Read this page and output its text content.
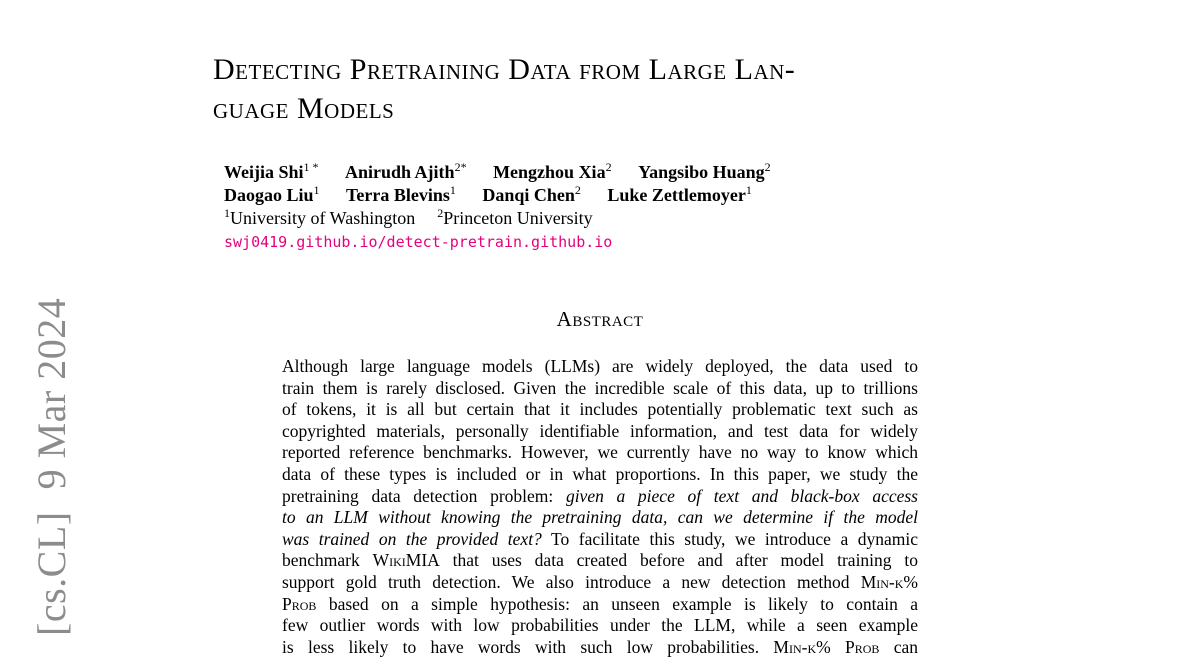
[cs.CL]9 Mar 2024
Detecting Pretraining Data from Large Lan-
guage Models
Weijia Shi$^{1 *}$ Anirudh Ajith$^{2*}$ Mengzhou Xia$^2$ Yangsibo Huang$^2$
Daogao Liu$^1$ Terra Blevins$^1$ Danqi Chen$^2$ Luke Zettlemoyer$^1$
$^1$University of Washington $^2$Princeton University
swj0419.github.io/detect-pretrain.github.io
Abstract
Although large language models (LLMs) are widely deployed, the data used to
train them is rarely disclosed. Given the incredible scale of this data, up to trillions
of tokens, it is all but certain that it includes potentially problematic text such as
copyrighted materials, personally identifiable information, and test data for widely
reported reference benchmarks. However, we currently have no way to know which
data of these types is included or in what proportions. In this paper, we study the
pretraining data detection problem: given a piece of text and black-box access
to an LLM without knowing the pretraining data, can we determine if the model
was trained on the provided text? To facilitate this study, we introduce a dynamic
benchmark WikiMIA that uses data created before and after model training to
support gold truth detection. We also introduce a new detection method Min-k%
Prob based on a simple hypothesis: an unseen example is likely to contain a
few outlier words with low probabilities under the LLM, while a seen example
is less likely to have words with such low probabilities. Min-k% Prob can
